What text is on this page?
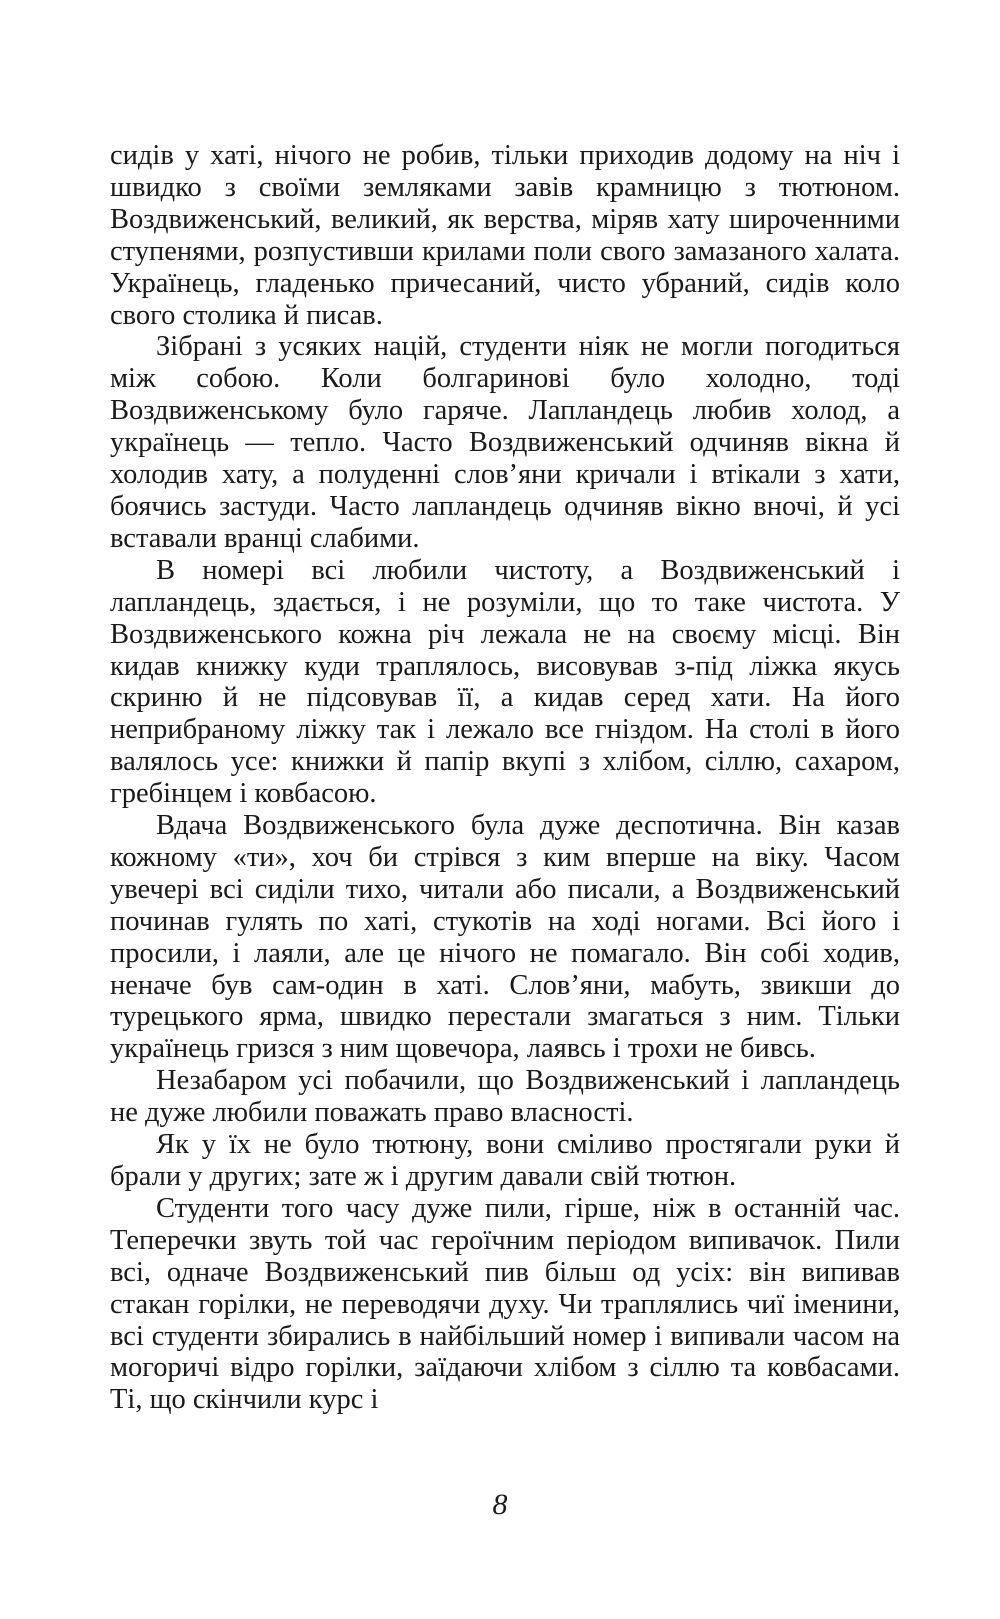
сидів у хаті, нічого не робив, тільки приходив додому на ніч і швидко з своїми земляками завів крамницю з тютюном. Воздвиженський, великий, як верства, міряв хату широченними ступенями, розпустивши крилами поли свого замазаного халата. Українець, гладенько причесаний, чисто убраний, сидів коло свого столика й писав.

Зібрані з усяких націй, студенти ніяк не могли погодиться між собою. Коли болгаринові було холодно, тоді Воздвиженському було гаряче. Лапландець любив холод, а українець — тепло. Часто Воздвиженський одчиняв вікна й холодив хату, а полуденні слов’яни кричали і втікали з хати, боячись застуди. Часто лапландець одчиняв вікно вночі, й усі вставали вранці слабими.

В номері всі любили чистоту, а Воздвиженський і лапландець, здається, і не розуміли, що то таке чистота. У Воздвиженського кожна річ лежала не на своєму місці. Він кидав книжку куди траплялось, висовував з-під ліжка якусь скриню й не підсовував її, а кидав серед хати. На його неприбраному ліжку так і лежало все гніздом. На столі в його валялось усе: книжки й папір вкупі з хлібом, сіллю, сахаром, гребінцем і ковбасою.

Вдача Воздвиженського була дуже деспотична. Він казав кожному «ти», хоч би стрівся з ким вперше на віку. Часом увечері всі сиділи тихо, читали або писали, а Воздвиженський починав гулять по хаті, стукотів на ході ногами. Всі його і просили, і лаяли, але це нічого не помагало. Він собі ходив, неначе був сам-один в хаті. Слов’яни, мабуть, звикши до турецького ярма, швидко перестали змагаться з ним. Тільки українець гризся з ним щовечора, лаявсь і трохи не бивсь.

Незабаром усі побачили, що Воздвиженський і лапландець не дуже любили поважать право власності.

Як у їх не було тютюну, вони сміливо простягали руки й брали у других; зате ж і другим давали свій тютюн.

Студенти того часу дуже пили, гірше, ніж в останній час. Теперечки звуть той час героїчним періодом випивачок. Пили всі, одначе Воздвиженський пив більш од усіх: він випивав стакан горілки, не переводячи духу. Чи траплялись чиї іменини, всі студенти збирались в найбільший номер і випивали часом на могоричі відро горілки, заїдаючи хлібом з сіллю та ковбасами. Ті, що скінчили курс і

8
